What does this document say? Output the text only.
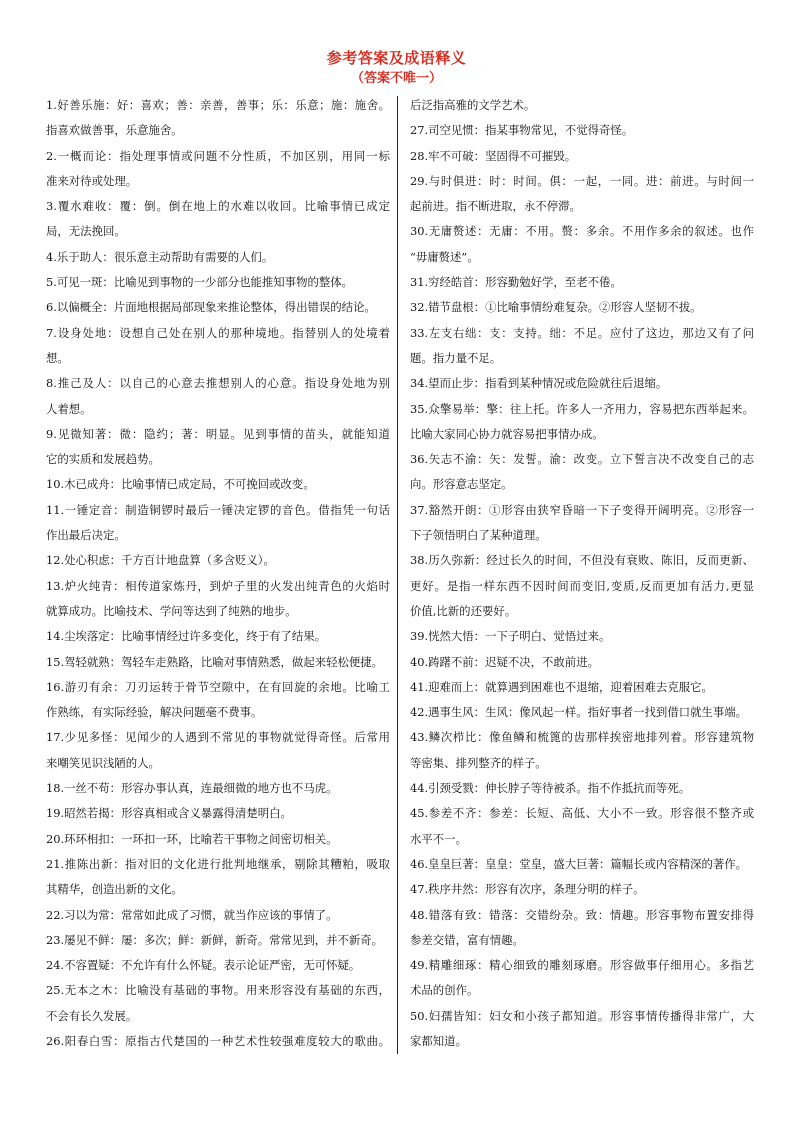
参考答案及成语释义
（答案不唯一）
1.好善乐施：好：喜欢；善：亲善，善事；乐：乐意；施：施舍。
指喜欢做善事，乐意施舍。
2.一概而论：指处理事情或问题不分性质，不加区别，用同一标
准来对待或处理。
3.覆水难收：覆：倒。倒在地上的水难以收回。比喻事情已成定
局，无法挽回。
4.乐于助人：很乐意主动帮助有需要的人们。
5.可见一斑：比喻见到事物的一少部分也能推知事物的整体。
6.以偏概全：片面地根据局部现象来推论整体，得出错误的结论。
7.设身处地：设想自己处在别人的那种境地。指替别人的处境着
想。
8.推己及人：以自己的心意去推想别人的心意。指设身处地为别
人着想。
9.见微知著：微：隐约；著：明显。见到事情的苗头，就能知道
它的实质和发展趋势。
10.木已成舟：比喻事情已成定局，不可挽回或改变。
11.一锤定音：制造铜锣时最后一锤决定锣的音色。借指凭一句话
作出最后决定。
12.处心积虑：千方百计地盘算（多含贬义）。
13.炉火纯青：相传道家炼丹，到炉子里的火发出纯青色的火焰时
就算成功。比喻技术、学问等达到了纯熟的地步。
14.尘埃落定：比喻事情经过许多变化，终于有了结果。
15.驾轻就熟：驾轻车走熟路，比喻对事情熟悉，做起来轻松便捷。
16.游刃有余：刀刃运转于骨节空隙中，在有回旋的余地。比喻工
作熟练，有实际经验，解决问题毫不费事。
17.少见多怪：见闻少的人遇到不常见的事物就觉得奇怪。后常用
来嘲笑见识浅陋的人。
18.一丝不苟：形容办事认真，连最细微的地方也不马虎。
19.昭然若揭：形容真相或含义暴露得清楚明白。
20.环环相扣：一环扣一环，比喻若干事物之间密切相关。
21.推陈出新：指对旧的文化进行批判地继承，剔除其糟粕，吸取
其精华，创造出新的文化。
22.习以为常：常常如此成了习惯，就当作应该的事情了。
23.屡见不鲜：屡：多次；鲜：新鲜，新奇。常常见到，并不新奇。
24.不容置疑：不允许有什么怀疑。表示论证严密，无可怀疑。
25.无本之木：比喻没有基础的事物。用来形容没有基础的东西，
不会有长久发展。
26.阳春白雪：原指古代楚国的一种艺术性较强难度较大的歌曲。
后泛指高雅的文学艺术。
27.司空见惯：指某事物常见，不觉得奇怪。
28.牢不可破：坚固得不可摧毁。
29.与时俱进：时：时间。俱：一起，一同。进：前进。与时间一
起前进。指不断进取，永不停滞。
30.无庸赘述：无庸：不用。赘：多余。不用作多余的叙述。也作
“毋庸赘述”。
31.穷经皓首：形容勤勉好学，至老不倦。
32.错节盘根：①比喻事情纷难复杂。②形容人坚韧不拔。
33.左支右绌：支：支持。绌：不足。应付了这边，那边又有了问
题。指力量不足。
34.望而止步：指看到某种情况或危险就往后退缩。
35.众擎易举：擎：往上托。许多人一齐用力，容易把东西举起来。
比喻大家同心协力就容易把事情办成。
36.矢志不渝：矢：发誓。渝：改变。立下誓言决不改变自己的志
向。形容意志坚定。
37.豁然开朗：①形容由狭窄昏暗一下子变得开阔明亮。②形容一
下子领悟明白了某种道理。
38.历久弥新：经过长久的时间，不但没有衰败、陈旧，反而更新、
更好。是指一样东西不因时间而变旧,变质,反而更加有活力,更显
价值,比新的还要好。
39.恍然大悟：一下子明白、觉悟过来。
40.踌躇不前：迟疑不决，不敢前进。
41.迎难而上：就算遇到困难也不退缩，迎着困难去克服它。
42.遇事生风：生风：像风起一样。指好事者一找到借口就生事端。
43.鳞次栉比：像鱼鳞和梳篦的齿那样挨密地排列着。形容建筑物
等密集、排列整齐的样子。
44.引颈受戮：伸长脖子等待被杀。指不作抵抗而等死。
45.参差不齐：参差：长短、高低、大小不一致。形容很不整齐或
水平不一。
46.皇皇巨著：皇皇：堂皇，盛大巨著：篇幅长或内容精深的著作。
47.秩序井然：形容有次序，条理分明的样子。
48.错落有致：错落：交错纷杂。致：情趣。形容事物布置安排得
参差交错，富有情趣。
49.精雕细琢：精心细致的雕刻琢磨。形容做事仔细用心。多指艺
术品的创作。
50.妇孺皆知：妇女和小孩子都知道。形容事情传播得非常广，大
家都知道。
